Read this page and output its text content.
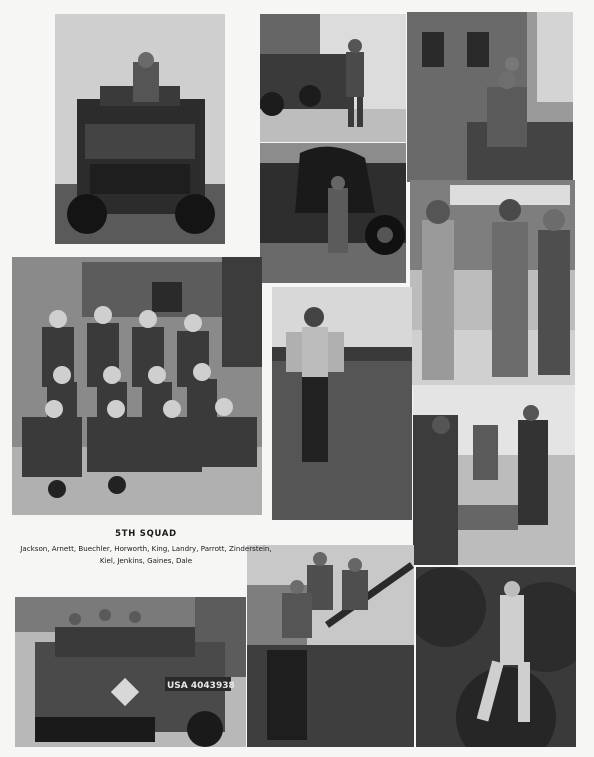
USA 4043938
5TH SQUAD
Jackson, Arnett, Buechler, Horworth, King, Landry, Parrott, Zinderstein,
Kiel, Jenkins, Gaines, Dale
